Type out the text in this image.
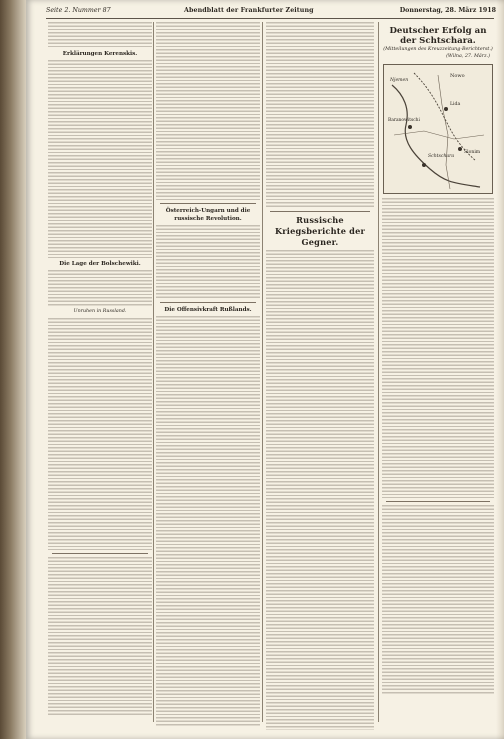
Seite 2. Nummer 87	Abendblatt der Frankfurter Zeitung	Donnerstag, 28. März 1918
Erklärungen Kerenskis.
Die Lage der Bolschewiki.
Unruhen in Russland.
Österreich-Ungarn und die russische Revolution.
Die Offensivkraft Rußlands.
Russische Kriegsberichte der Gegner.
Deutscher Erfolg an der Schtschara.
(Mitteilungen des Kreuzzeitung-Berichterst.)
(Wilna, 27. März.)
Nowo
Baranowitschi
Lida
Njemen
Schtschara
Slonim
